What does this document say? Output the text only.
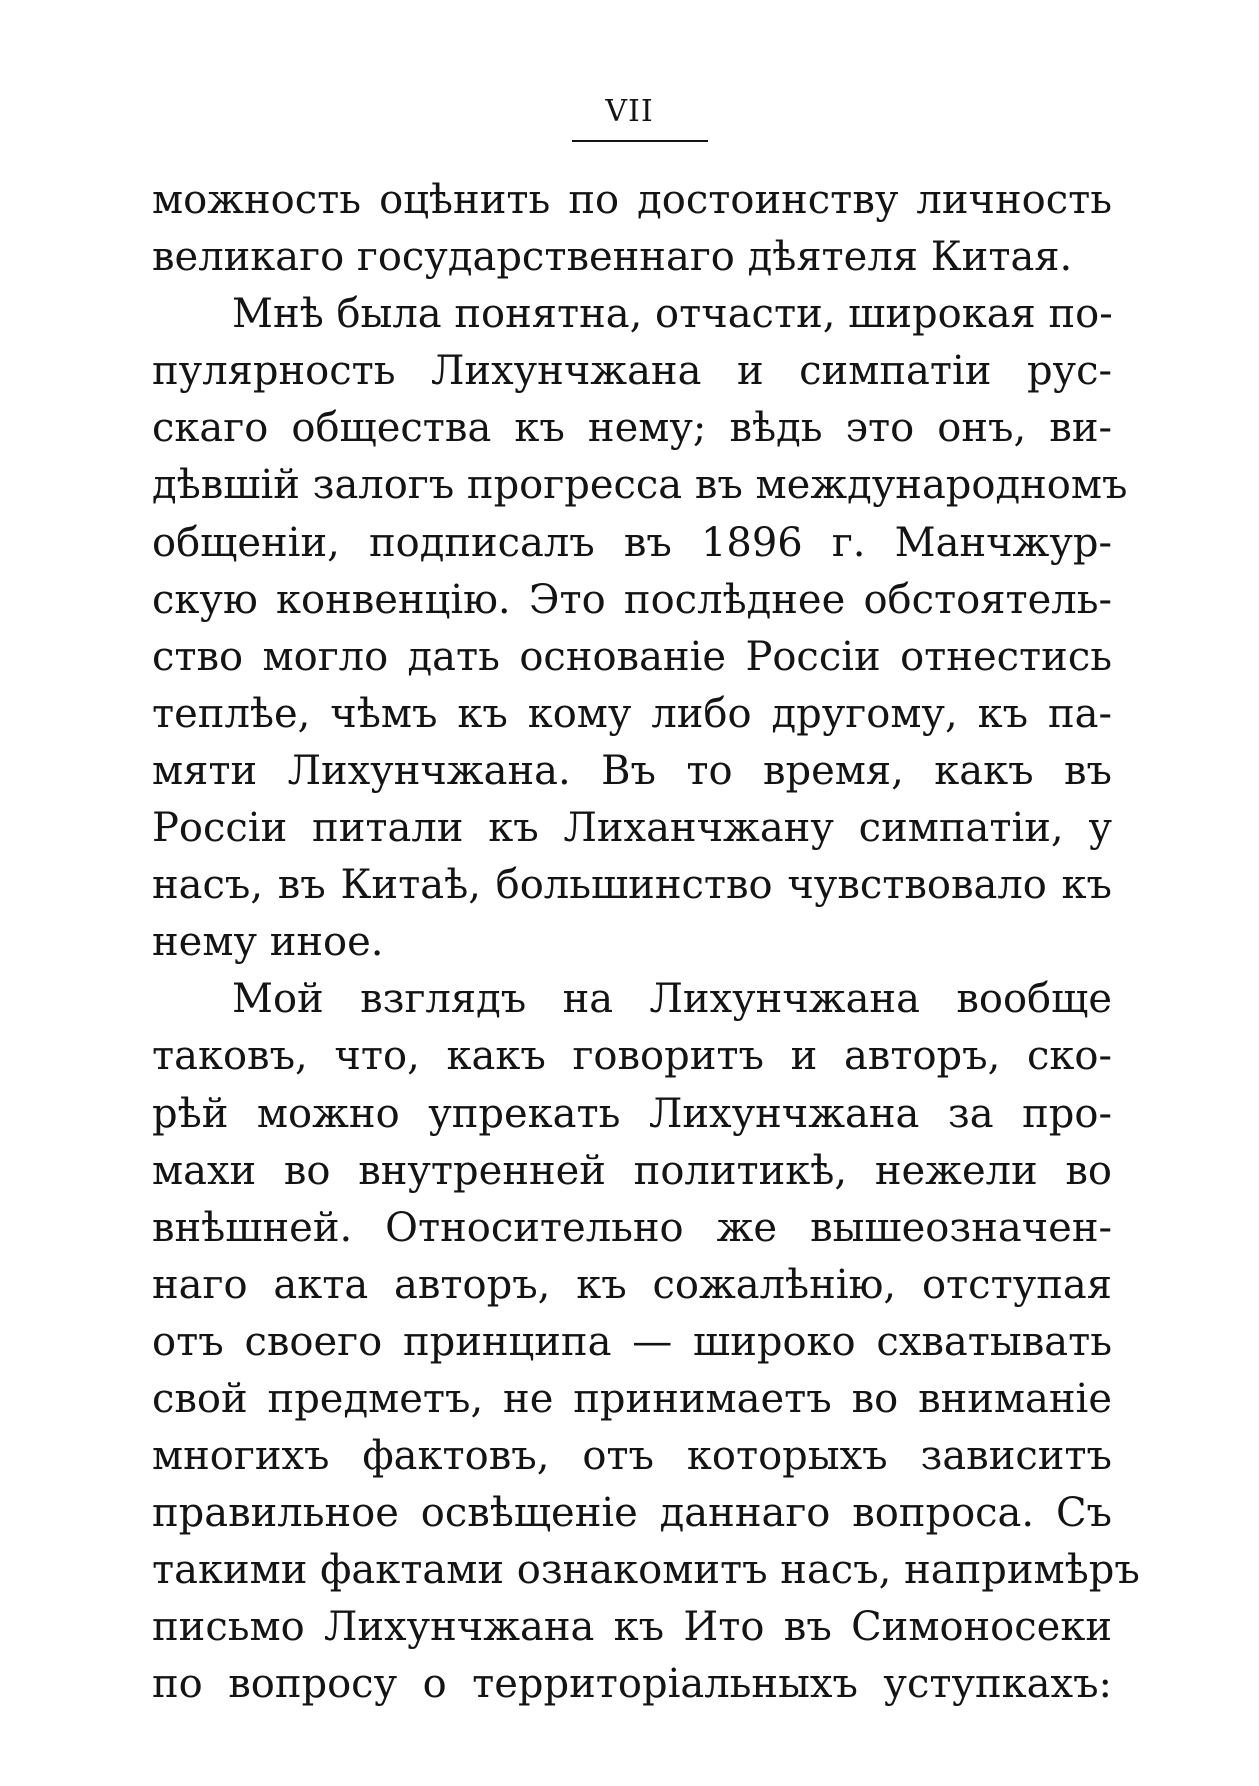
VII
можность оцѣнить по достоинству личность
великаго государственнаго дѣятеля Китая.
Мнѣ была понятна, отчасти, широкая по-
пулярность Лихунчжана и симпатіи рус-
скаго общества къ нему; вѣдь это онъ, ви-
дѣвшій залогъ прогресса въ международномъ
общеніи, подписалъ въ 1896 г. Манчжур-
скую конвенцію. Это послѣднее обстоятель-
ство могло дать основаніе Россіи отнестись
теплѣе, чѣмъ къ кому либо другому, къ па-
мяти Лихунчжана. Въ то время, какъ въ
Россіи питали къ Лиханчжану симпатіи, у
насъ, въ Китаѣ, большинство чувствовало къ
нему иное.
Мой взглядъ на Лихунчжана вообще
таковъ, что, какъ говоритъ и авторъ, ско-
рѣй можно упрекать Лихунчжана за про-
махи во внутренней политикѣ, нежели во
внѣшней. Относительно же вышеозначен-
наго акта авторъ, къ сожалѣнію, отступая
отъ своего принципа — широко схватывать
свой предметъ, не принимаетъ во вниманіе
многихъ фактовъ, отъ которыхъ зависитъ
правильное освѣщеніе даннаго вопроса. Съ
такими фактами ознакомитъ насъ, напримѣръ
письмо Лихунчжана къ Ито въ Симоносеки
по вопросу о территоріальныхъ уступкахъ:
